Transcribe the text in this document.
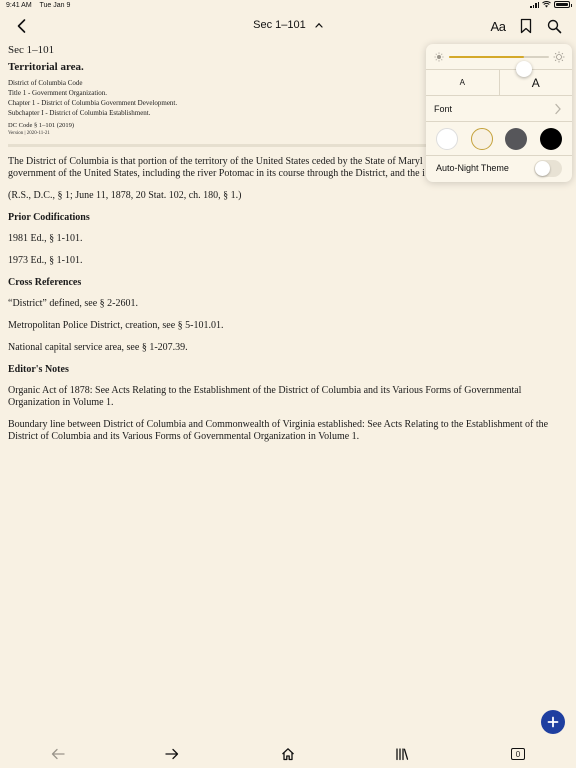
9:41 AM Tue Jan 9
Sec 1–101	Aa
Sec 1–101
Territorial area.
District of Columbia Code
Title 1 - Government Organization.
Chapter 1 - District of Columbia Government Development.
Subchapter I - District of Columbia Establishment.
DC Code § 1–101 (2019)
Version | 2020-11-21
The District of Columbia is that portion of the territory of the United States ceded by the State of Maryl
government of the United States, including the river Potomac in its course through the District, and the i
(R.S., D.C., § 1; June 11, 1878, 20 Stat. 102, ch. 180, § 1.)
Prior Codifications
1981 Ed., § 1-101.
1973 Ed., § 1-101.
Cross References
“District” defined, see § 2-2601.
Metropolitan Police District, creation, see § 5-101.01.
National capital service area, see § 1-207.39.
Editor's Notes
Organic Act of 1878: See Acts Relating to the Establishment of the District of Columbia and its Various Forms of Governmental Organization in Volume 1.
Boundary line between District of Columbia and Commonwealth of Virginia established: See Acts Relating to the Establishment of the District of Columbia and its Various Forms of Governmental Organization in Volume 1.
A	A
Font
Auto-Night Theme
0
